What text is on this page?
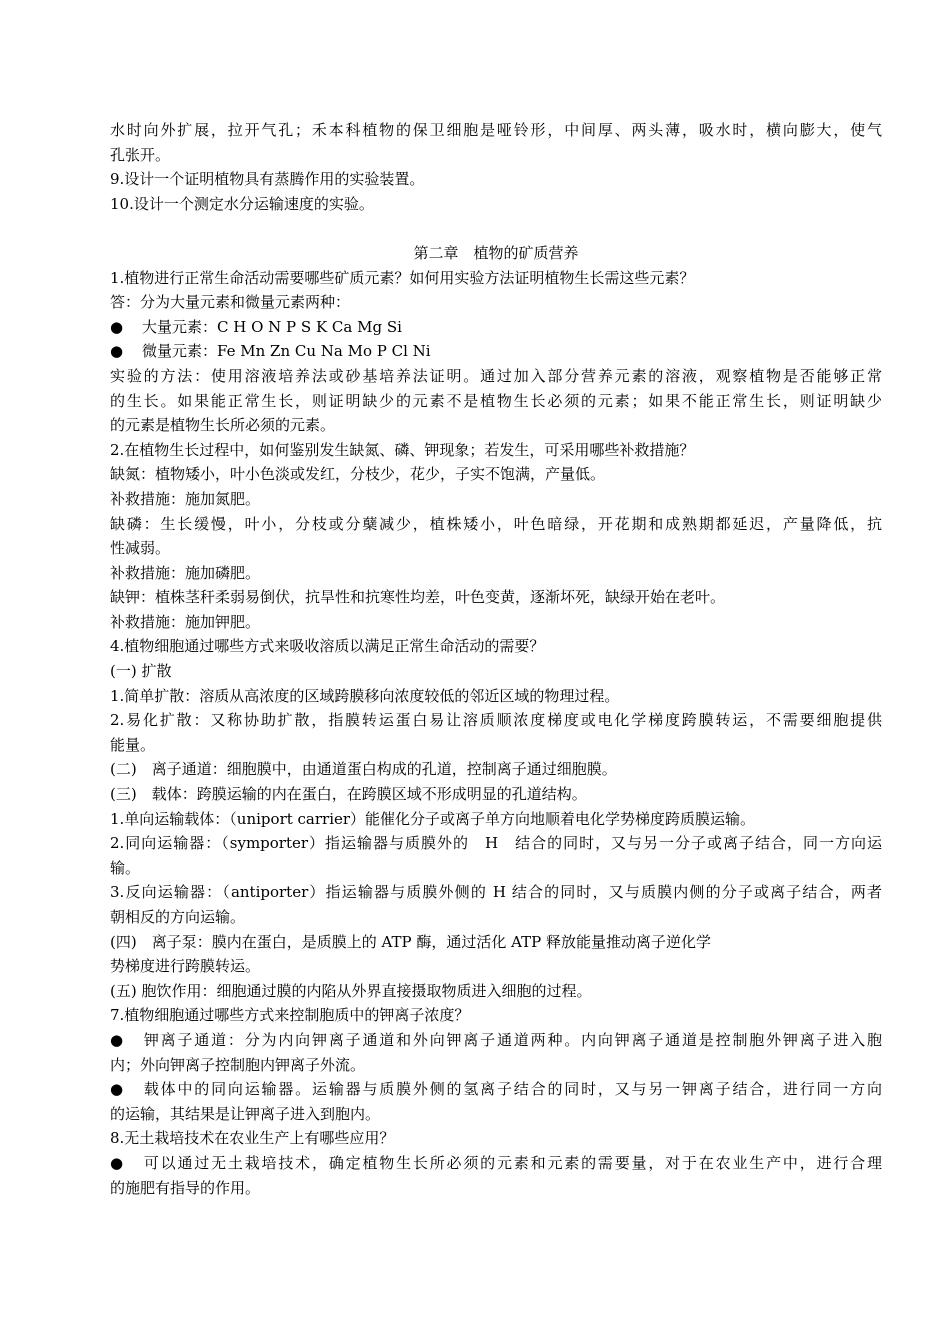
水时向外扩展，拉开气孔；禾本科植物的保卫细胞是哑铃形，中间厚、两头薄，吸水时，横向膨大，使气
孔张开。
9.设计一个证明植物具有蒸腾作用的实验装置。
10.设计一个测定水分运输速度的实验。
第二章　植物的矿质营养
1.植物进行正常生命活动需要哪些矿质元素？如何用实验方法证明植物生长需这些元素？
答：分为大量元素和微量元素两种：
● 大量元素：C H O N P S K Ca Mg Si
● 微量元素：Fe Mn Zn Cu Na Mo P Cl Ni
实验的方法：使用溶液培养法或砂基培养法证明。通过加入部分营养元素的溶液，观察植物是否能够正常
的生长。如果能正常生长，则证明缺少的元素不是植物生长必须的元素；如果不能正常生长，则证明缺少
的元素是植物生长所必须的元素。
2.在植物生长过程中，如何鉴别发生缺氮、磷、钾现象；若发生，可采用哪些补救措施？
缺氮：植物矮小，叶小色淡或发红，分枝少，花少，子实不饱满，产量低。
补救措施：施加氮肥。
缺磷：生长缓慢，叶小，分枝或分蘖减少，植株矮小，叶色暗绿，开花期和成熟期都延迟，产量降低，抗
性减弱。
补救措施：施加磷肥。
缺钾：植株茎秆柔弱易倒伏，抗旱性和抗寒性均差，叶色变黄，逐渐坏死，缺绿开始在老叶。
补救措施：施加钾肥。
4.植物细胞通过哪些方式来吸收溶质以满足正常生命活动的需要？
(一) 扩散
1.简单扩散：溶质从高浓度的区域跨膜移向浓度较低的邻近区域的物理过程。
2.易化扩散：又称协助扩散，指膜转运蛋白易让溶质顺浓度梯度或电化学梯度跨膜转运，不需要细胞提供
能量。
(二)　离子通道：细胞膜中，由通道蛋白构成的孔道，控制离子通过细胞膜。
(三)　载体：跨膜运输的内在蛋白，在跨膜区域不形成明显的孔道结构。
1.单向运输载体：（uniport carrier）能催化分子或离子单方向地顺着电化学势梯度跨质膜运输。
2.同向运输器：（symporter）指运输器与质膜外的　H　结合的同时，又与另一分子或离子结合，同一方向运
输。
3.反向运输器：（antiporter）指运输器与质膜外侧的 H 结合的同时，又与质膜内侧的分子或离子结合，两者
朝相反的方向运输。
(四)　离子泵：膜内在蛋白，是质膜上的 ATP 酶，通过活化 ATP 释放能量推动离子逆化学
势梯度进行跨膜转运。
(五) 胞饮作用：细胞通过膜的内陷从外界直接摄取物质进入细胞的过程。
7.植物细胞通过哪些方式来控制胞质中的钾离子浓度？
● 钾离子通道：分为内向钾离子通道和外向钾离子通道两种。内向钾离子通道是控制胞外钾离子进入胞
内；外向钾离子控制胞内钾离子外流。
● 载体中的同向运输器。运输器与质膜外侧的氢离子结合的同时，又与另一钾离子结合，进行同一方向
的运输，其结果是让钾离子进入到胞内。
8.无土栽培技术在农业生产上有哪些应用？
● 可以通过无土栽培技术，确定植物生长所必须的元素和元素的需要量，对于在农业生产中，进行合理
的施肥有指导的作用。
